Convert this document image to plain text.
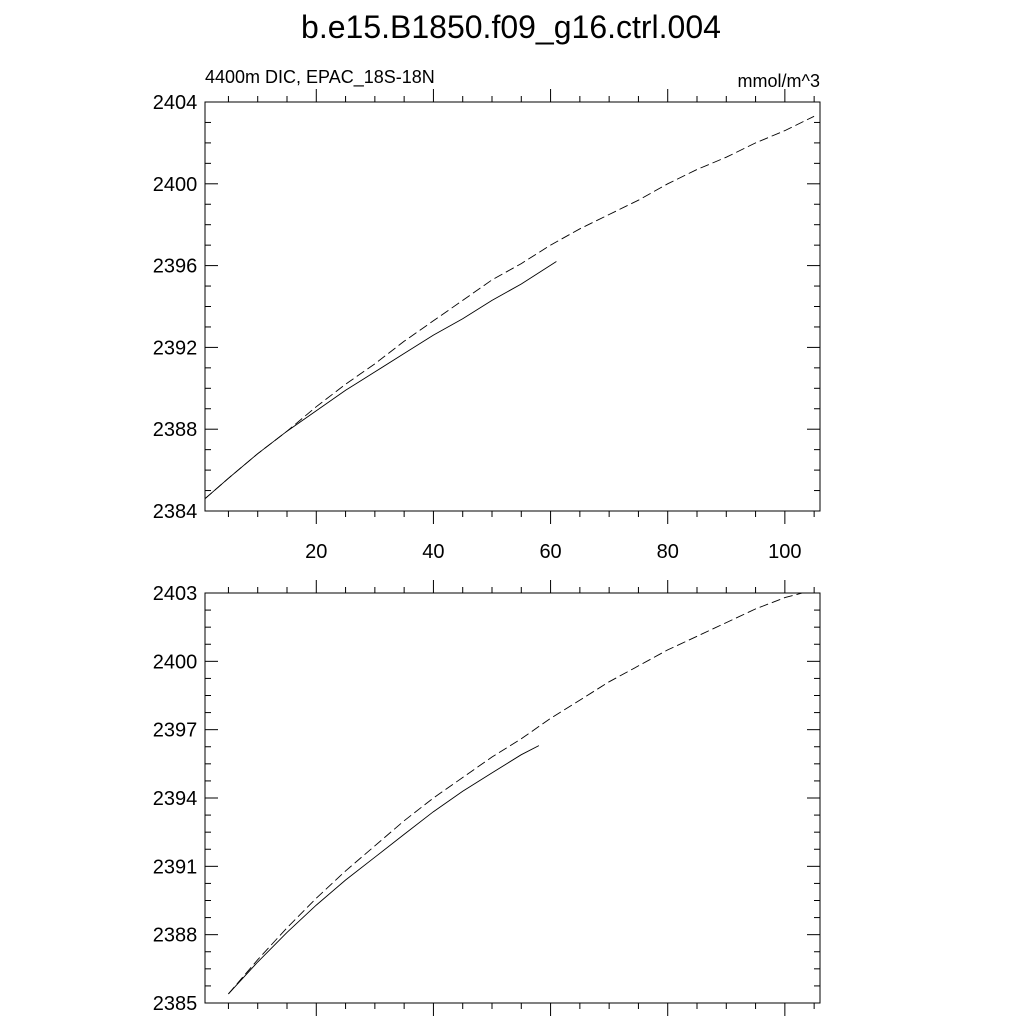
b.e15.B1850.f09_g16.ctrl.004
4400m DIC, EPAC_18S-18N	mmol/m^3
2384
2388
2392
2396
2400
2404
20	40	60	80	100
2385
2388
2391
2394
2397
2400
2403
